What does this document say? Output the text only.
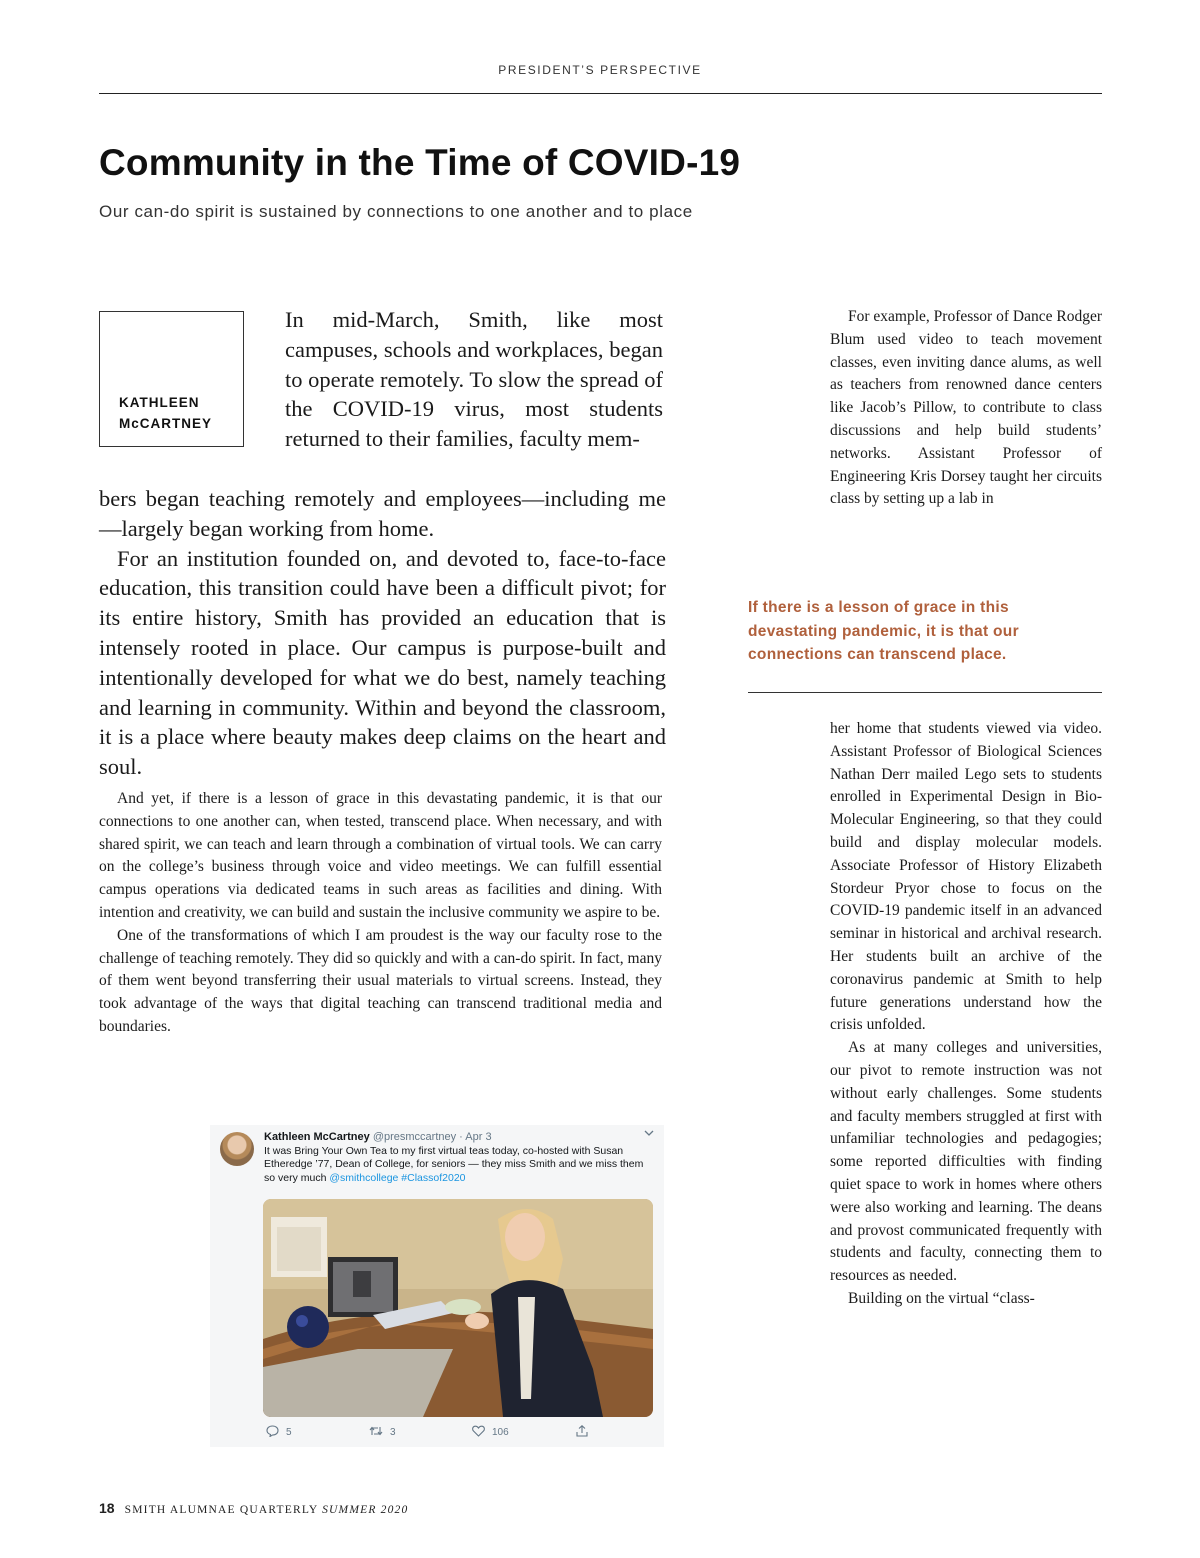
PRESIDENT’S PERSPECTIVE
Community in the Time of COVID-19
Our can-do spirit is sustained by connections to one another and to place
KATHLEEN
McCARTNEY

In mid-March, Smith, like most campuses, schools and workplaces, began to operate remotely. To slow the spread of the COVID-19 virus, most students returned to their families, faculty mem-

bers began teaching remotely and employees—including me—largely began working from home.

For an institution founded on, and devoted to, face-to-face education, this transition could have been a difficult pivot; for its entire history, Smith has provided an education that is intensely rooted in place. Our campus is purpose-built and intentionally developed for what we do best, namely teaching and learning in community. Within and beyond the classroom, it is a place where beauty makes deep claims on the heart and soul.

And yet, if there is a lesson of grace in this devastating pandemic, it is that our connections to one another can, when tested, transcend place. When necessary, and with shared spirit, we can teach and learn through a combination of virtual tools. We can carry on the college’s business through voice and video meetings. We can fulfill essential campus operations via dedicated teams in such areas as facilities and dining. With intention and creativity, we can build and sustain the inclusive community we aspire to be.

One of the transformations of which I am proudest is the way our faculty rose to the challenge of teaching remotely. They did so quickly and with a can-do spirit. In fact, many of them went beyond transferring their usual materials to virtual screens. Instead, they took advantage of the ways that digital teaching can transcend traditional media and boundaries.

Kathleen McCartney @presmccartney · Apr 3
It was Bring Your Own Tea to my first virtual teas today, co-hosted with Susan Etheredge ’77, Dean of College, for seniors — they miss Smith and we miss them so very much @smithcollege #Classof2020
5	3	106

For example, Professor of Dance Rodger Blum used video to teach movement classes, even inviting dance alums, as well as teachers from renowned dance centers like Jacob’s Pillow, to contribute to class discussions and help build students’ networks. Assistant Professor of Engineering Kris Dorsey taught her circuits class by setting up a lab in

If there is a lesson of grace in this devastating pandemic, it is that our connections can transcend place.

her home that students viewed via video. Assistant Professor of Biological Sciences Nathan Derr mailed Lego sets to students enrolled in Experimental Design in Bio-Molecular Engineering, so that they could build and display molecular models. Associate Professor of History Elizabeth Stordeur Pryor chose to focus on the COVID-19 pandemic itself in an advanced seminar in historical and archival research. Her students built an archive of the coronavirus pandemic at Smith to help future generations understand how the crisis unfolded.

As at many colleges and universities, our pivot to remote instruction was not without early challenges. Some students and faculty members struggled at first with unfamiliar technologies and pedagogies; some reported difficulties with finding quiet space to work in homes where others were also working and learning. The deans and provost communicated frequently with students and faculty, connecting them to resources as needed.

Building on the virtual “class-

18 SMITH ALUMNAE QUARTERLY SUMMER 2020
